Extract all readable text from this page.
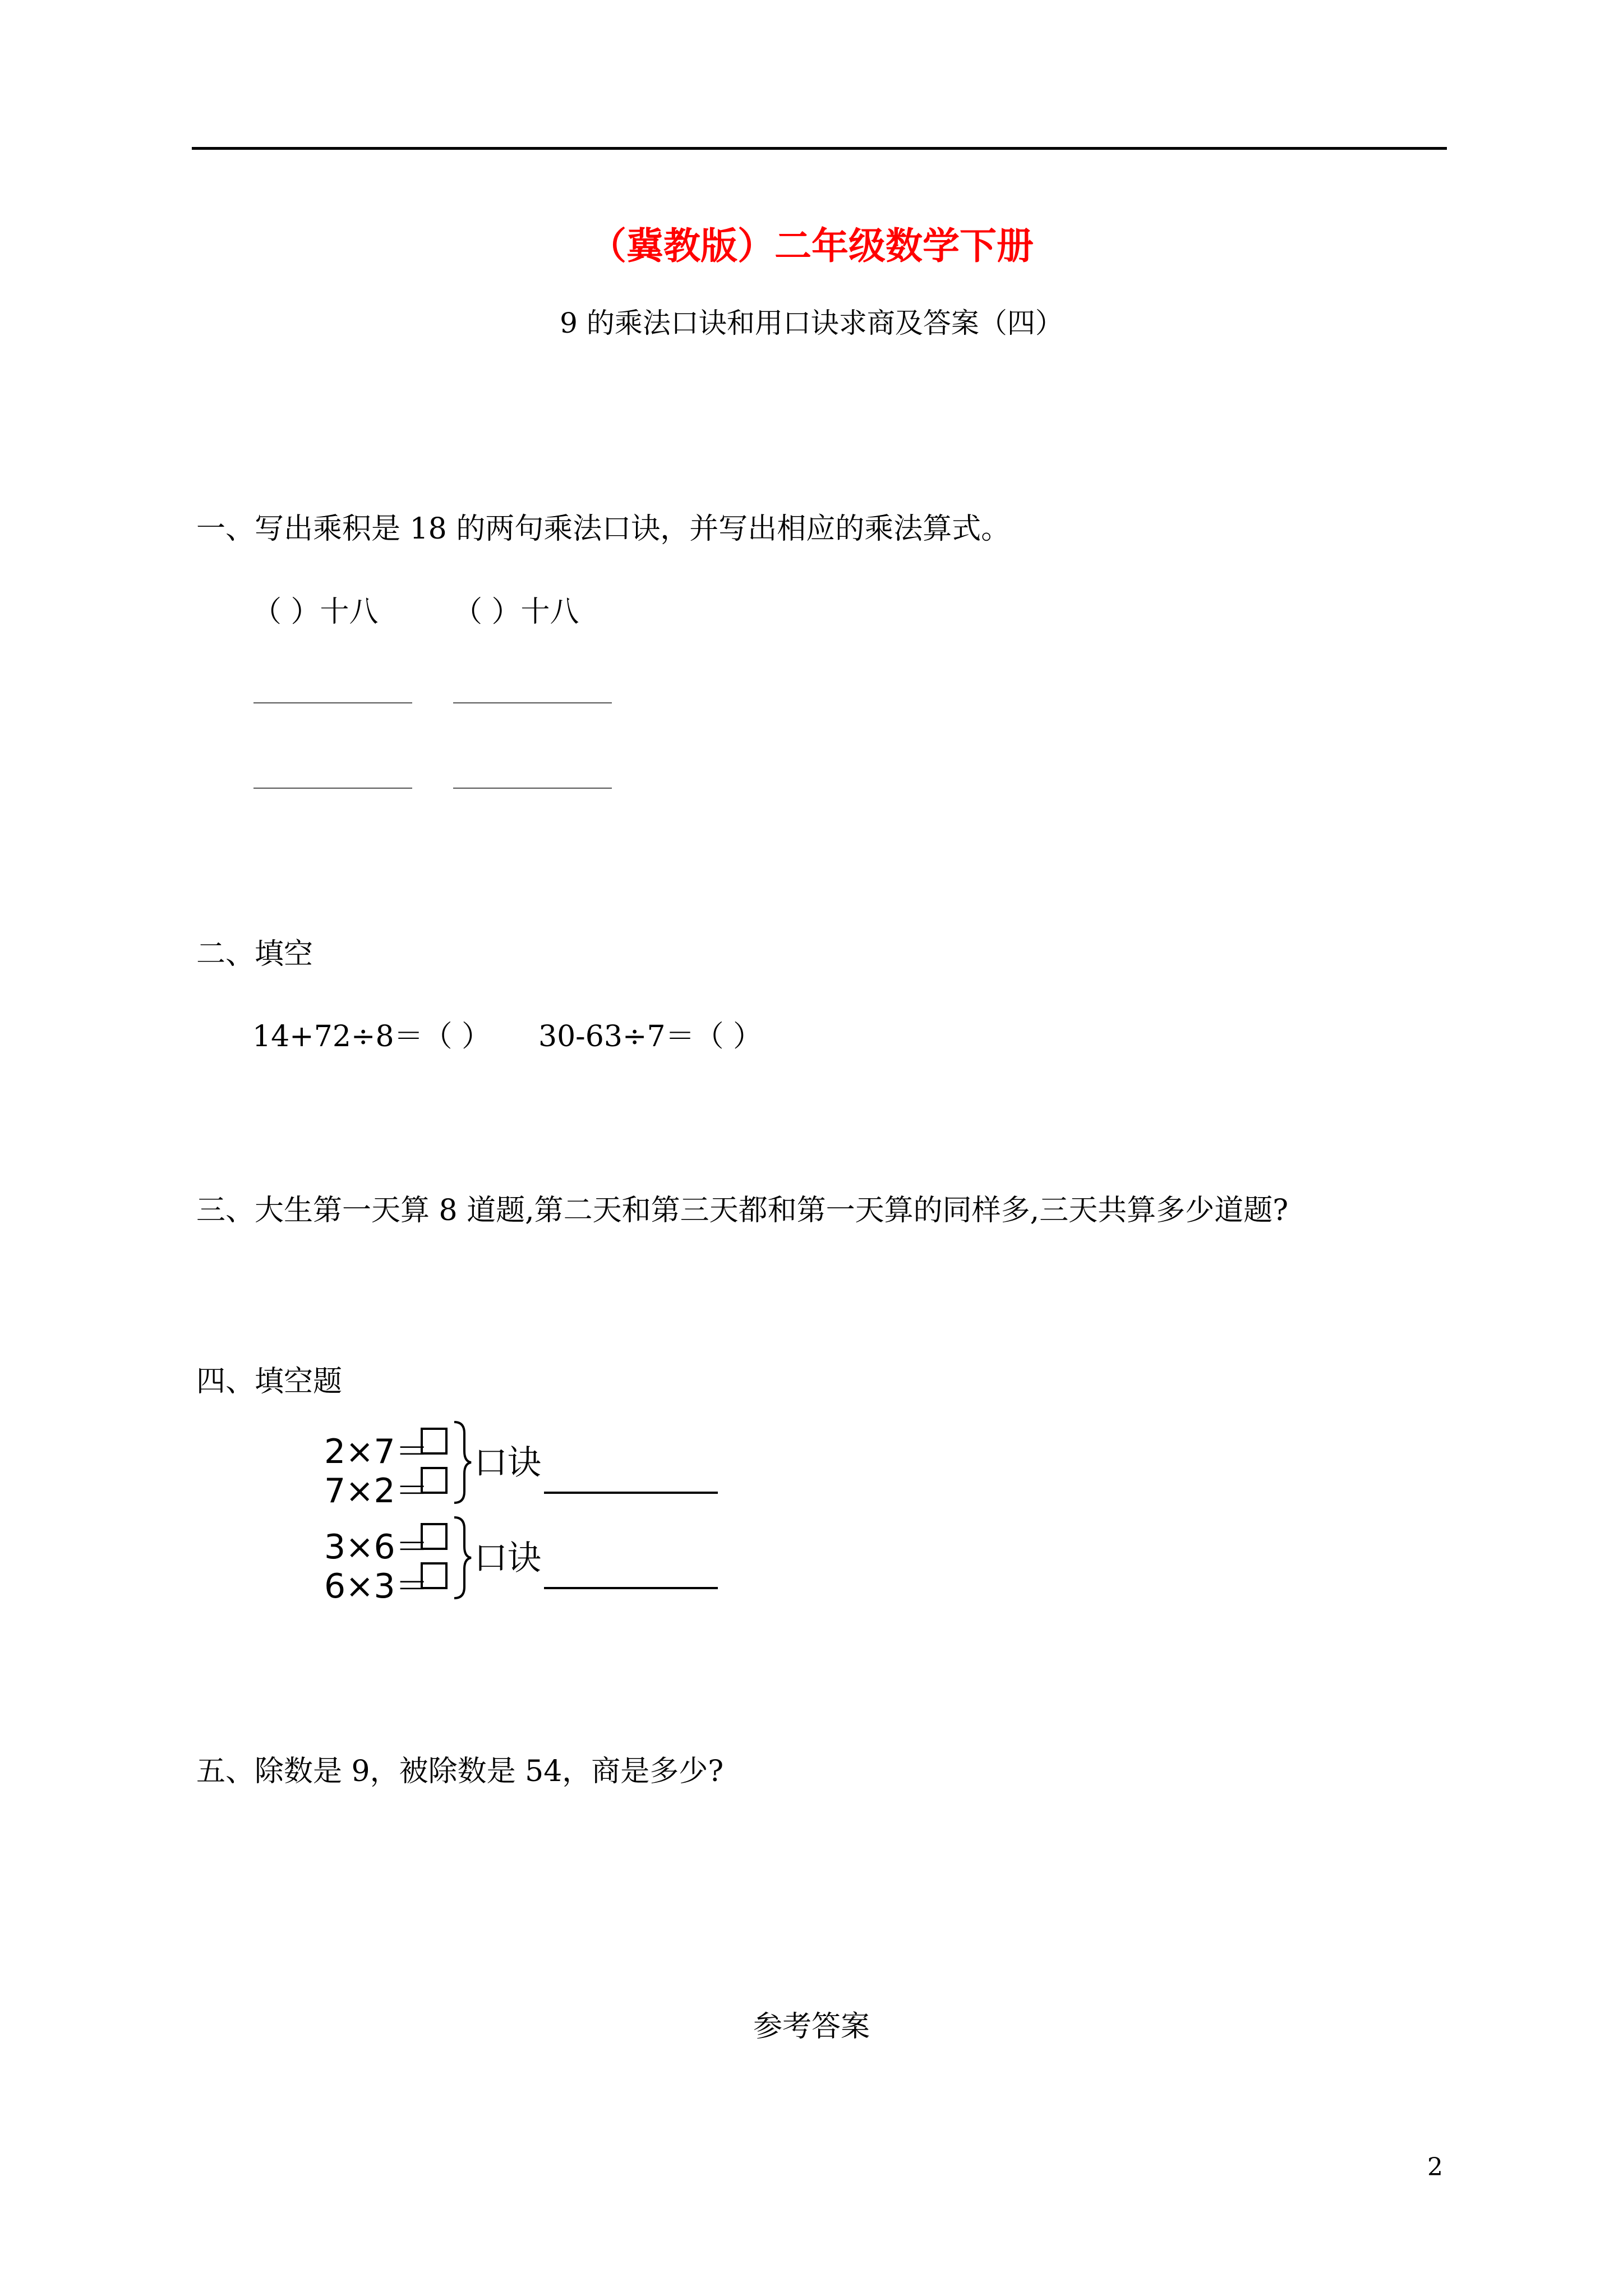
（冀教版）二年级数学下册
9 的乘法口诀和用口诀求商及答案（四）
一、写出乘积是 18 的两句乘法口诀，并写出相应的乘法算式。
（ ）十八	（ ）十八
二、填空
14+72÷8＝（ ） 30-63÷7＝（ ）
三、大生第一天算 8 道题,第二天和第三天都和第一天算的同样多,三天共算多少道题?
四、填空题
2×7＝
7×2＝
3×6＝
6×3＝
口诀
口诀
五、除数是 9，被除数是 54，商是多少?
参考答案
2
